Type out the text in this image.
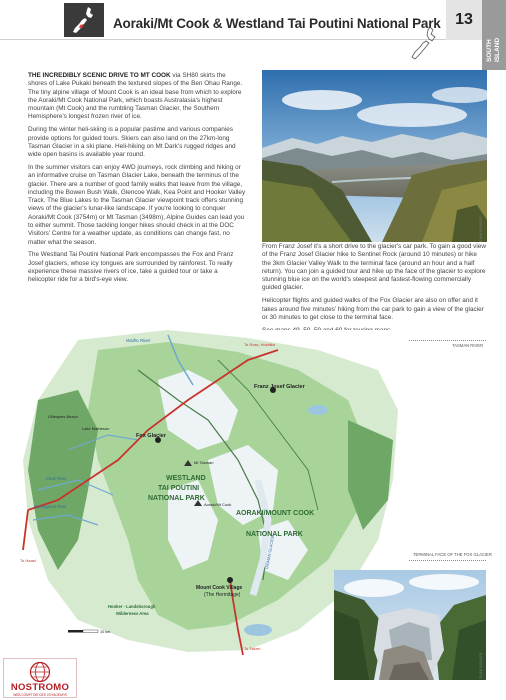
Aoraki/Mt Cook & Westland Tai Poutini National Park 13
SOUTH
ISLAND

THE INCREDIBLY SCENIC DRIVE TO MT COOK via SH80 skirts the shores of Lake Pukaki beneath the textured slopes of the Ben Ohau Range. The tiny alpine village of Mount Cook is an ideal base from which to explore the Aoraki/Mt Cook National Park, which boasts Australasia's highest mountain (Mt Cook) and the rumbling Tasman Glacier, the Southern Hemisphere's longest frozen river of ice.

During the winter heli-skiing is a popular pastime and various companies provide options for guided tours. Skiers can also land on the 27km-long Tasman Glacier in a ski plane. Heli-hiking on Mt Dark's rugged ridges and wide open basins is available year round.

In the summer visitors can enjoy 4WD journeys, rock climbing and hiking or an informative cruise on Tasman Glacier Lake, beneath the terminus of the glacier. There are a number of good family walks that leave from the village, including the Bowen Bush Walk, Glencoe Walk, Kea Point and Hooker Valley Track. The Blue Lakes to the Tasman Glacier viewpoint track offers stunning views of the glacier's lunar-like landscape. If you're looking to conquer Aoraki/Mt Cook (3754m) or Mt Tasman (3498m), Alpine Guides can lead you to either summit. Those tackling longer hikes should check in at the DOC Visitors' Centre for a weather update, as conditions can change fast, no matter what the season.

The Westland Tai Poutini National Park encompasses the Fox and Franz Josef glaciers, whose icy tongues are surrounded by rainforest. To really experience these massive rivers of ice, take a guided tour or take a helicopter ride for a bird's-eye view.

EVAN BOWLER

From Franz Josef it's a short drive to the glacier's car park. To gain a good view of the Franz Josef Glacier hike to Sentinel Rock (around 10 minutes) or hike the 3km Glacier Valley Walk to the terminal face (around an hour and a half return). You can join a guided tour and hike up the face of the glacier to explore stunning blue ice on the world's steepest and fastest-flowing commercially guided glacier.

Helicopter flights and guided walks of the Fox Glacier are also on offer and it takes around five minutes' hiking from the car park to gain a view of the glacier or 30 minutes to get close to the terminal face.

TASMAN RIVER
TERMINAL FACE OF THE FOX GLACIER
Waiho River
To Ross, Hokitika
Franz Josef Glacier
Fox Glacier
WESTLAND
TAI POUTINI
NATIONAL PARK
AORAKI/MOUNT COOK
NATIONAL PARK
Mount Cook Village
(The Hermitage)
To Haast
To Twizel
Hooker - Landsborough
Wilderness Area
Cook River
Karangarua River
TASMAN GLACIER
Gillespies Beach
Lake Matheson
Aoraki/Mt Cook
Mt Tasman
10 km
EVAN BOWLER
NOSTROMO
WEB COMPTOIR DES VOYAGEURS
